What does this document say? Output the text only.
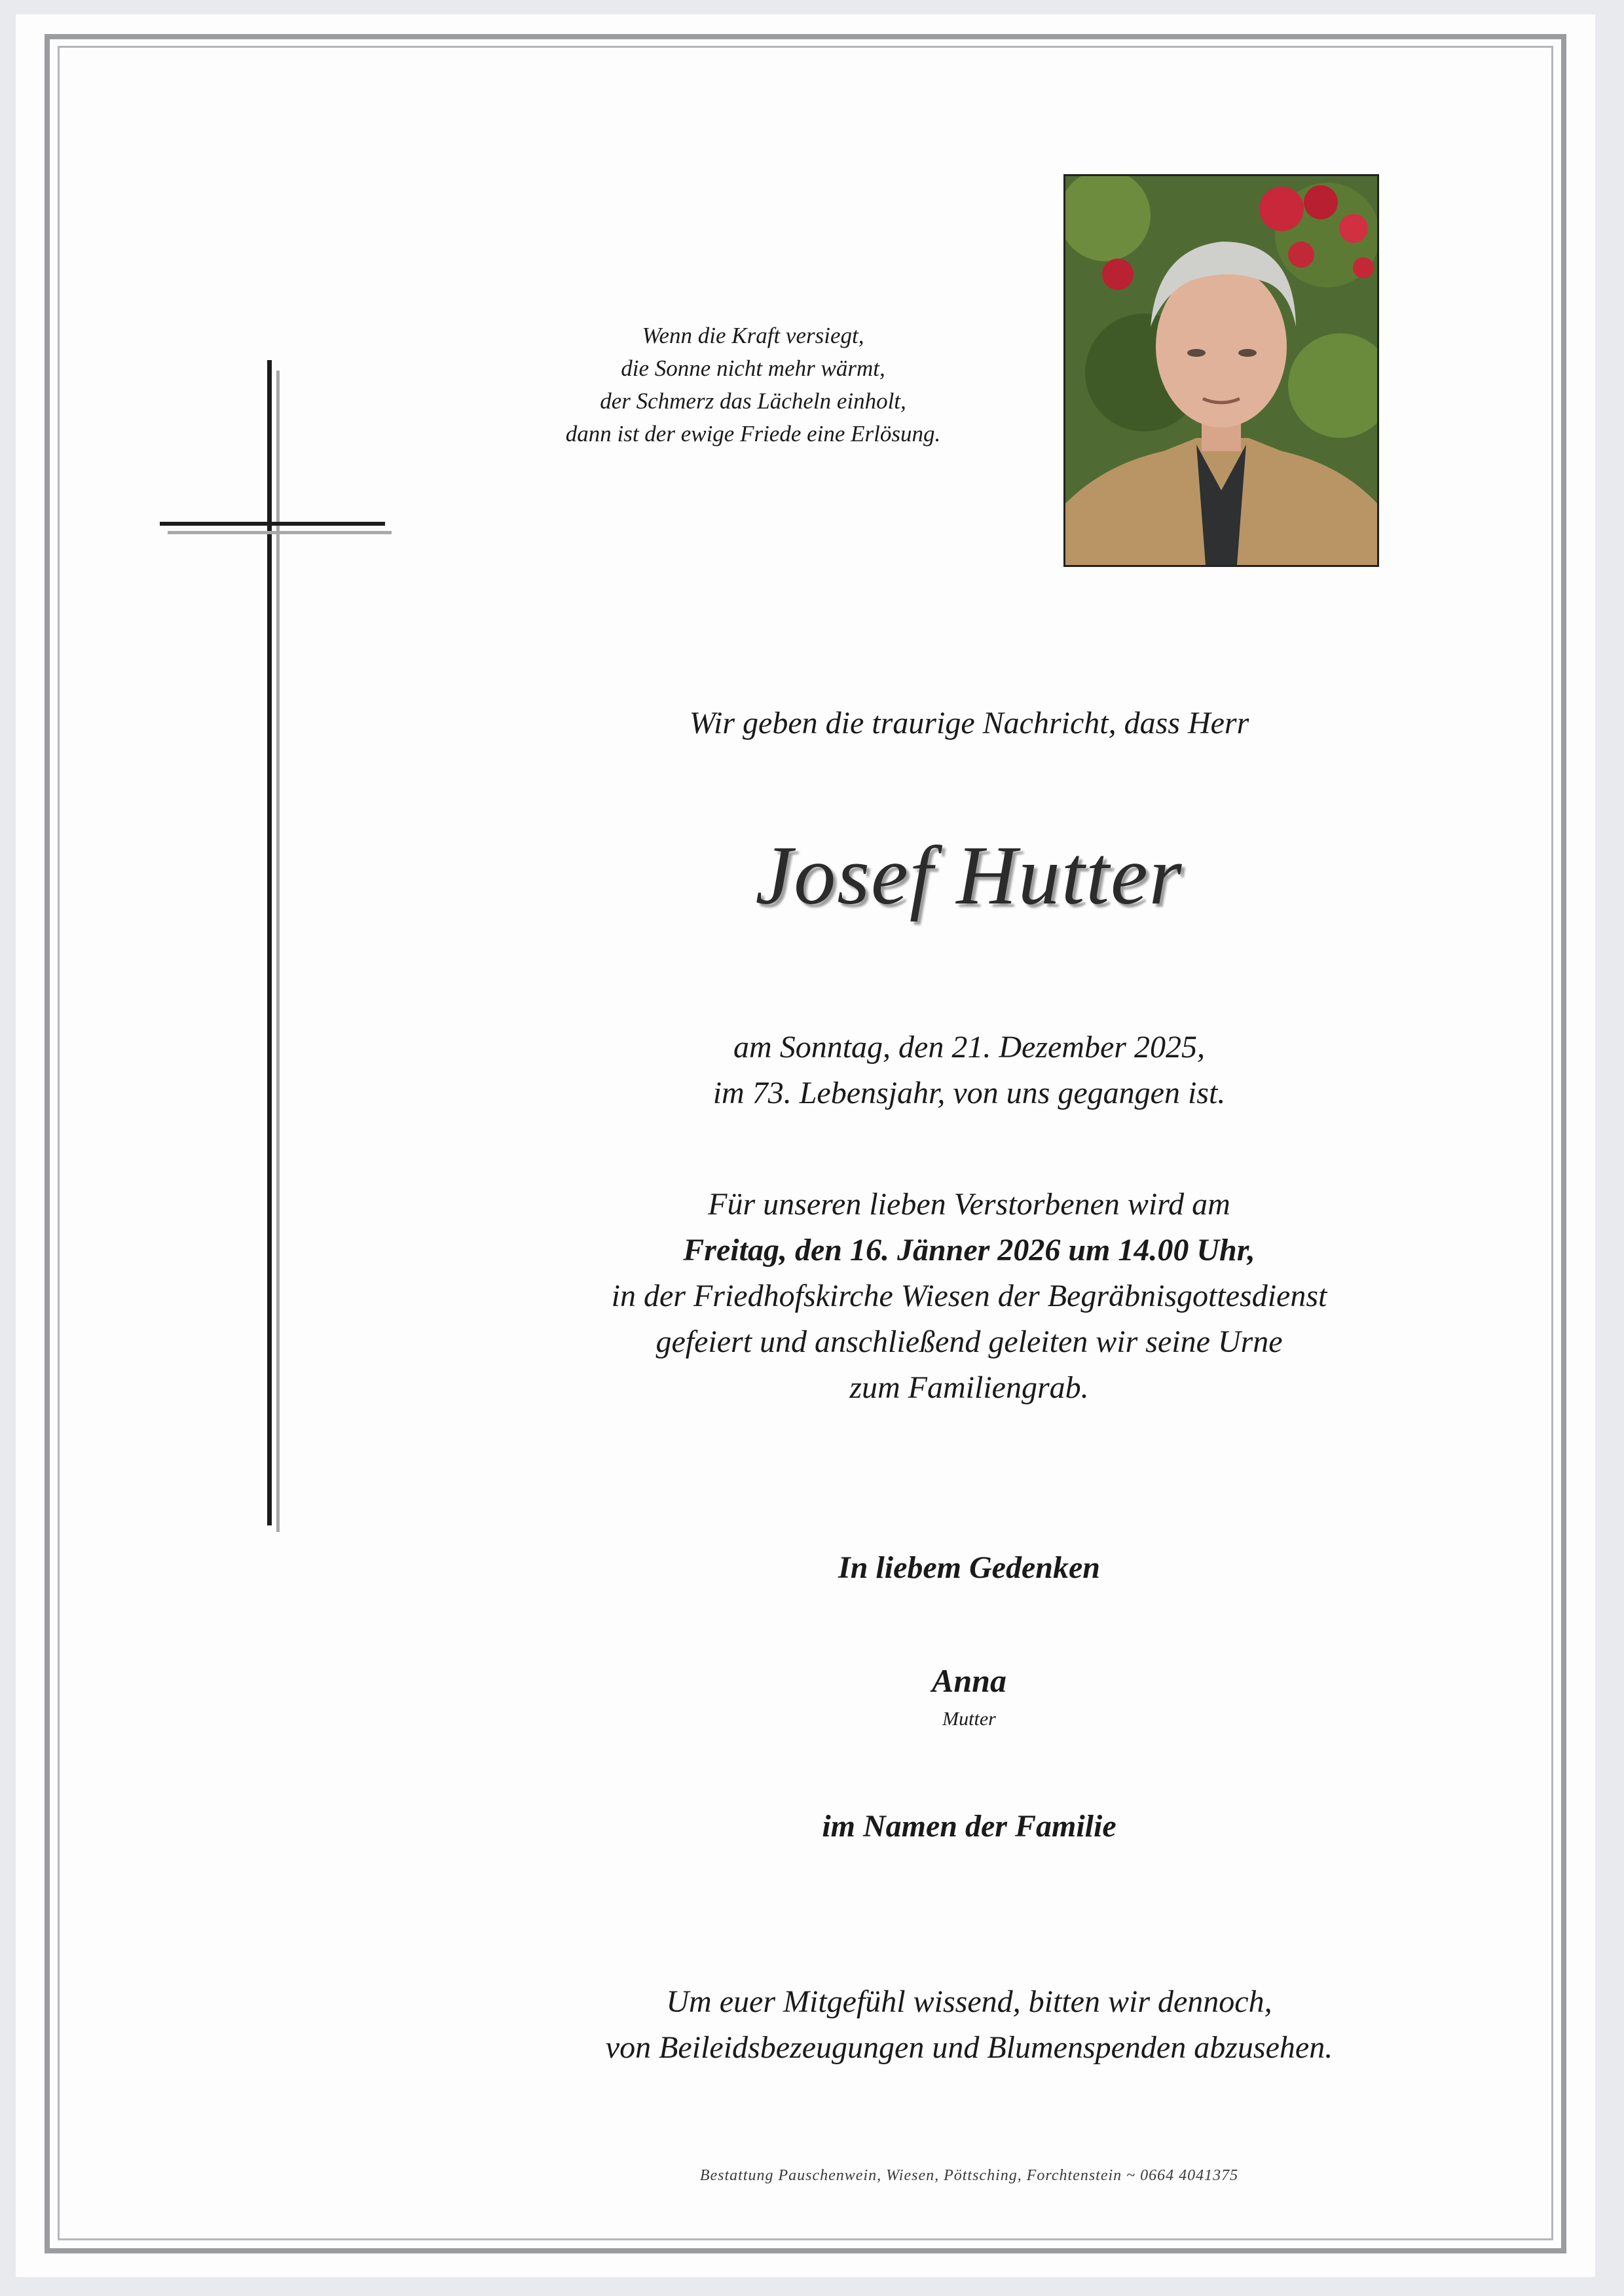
Wenn die Kraft versiegt,
die Sonne nicht mehr wärmt,
der Schmerz das Lächeln einholt,
dann ist der ewige Friede eine Erlösung.
Wir geben die traurige Nachricht, dass Herr
Josef Hutter
am Sonntag, den 21. Dezember 2025,
im 73. Lebensjahr, von uns gegangen ist.
Für unseren lieben Verstorbenen wird am
Freitag, den 16. Jänner 2026 um 14.00 Uhr,
in der Friedhofskirche Wiesen der Begräbnisgottesdienst
gefeiert und anschließend geleiten wir seine Urne
zum Familiengrab.
In liebem Gedenken
Anna
Mutter
im Namen der Familie
Um euer Mitgefühl wissend, bitten wir dennoch,
von Beileidsbezeugungen und Blumenspenden abzusehen.
Bestattung Pauschenwein, Wiesen, Pöttsching, Forchtenstein ~ 0664 4041375
